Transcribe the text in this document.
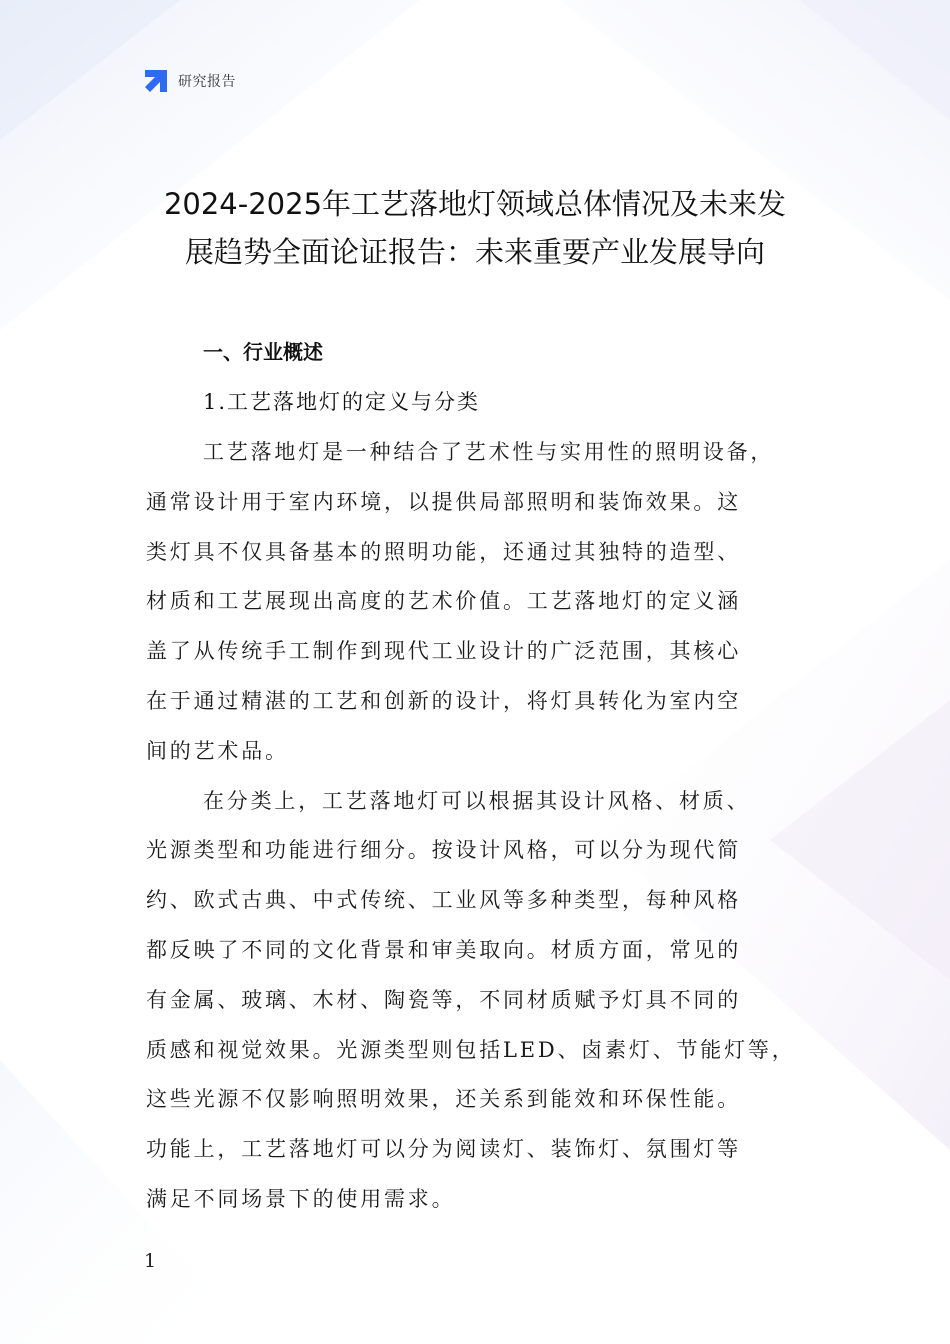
研究报告
2024-2025年工艺落地灯领域总体情况及未来发
展趋势全面论证报告：未来重要产业发展导向
一、行业概述
1.工艺落地灯的定义与分类

工艺落地灯是一种结合了艺术性与实用性的照明设备，
通常设计用于室内环境，以提供局部照明和装饰效果。这
类灯具不仅具备基本的照明功能，还通过其独特的造型、
材质和工艺展现出高度的艺术价值。工艺落地灯的定义涵
盖了从传统手工制作到现代工业设计的广泛范围，其核心
在于通过精湛的工艺和创新的设计，将灯具转化为室内空
间的艺术品。

在分类上，工艺落地灯可以根据其设计风格、材质、
光源类型和功能进行细分。按设计风格，可以分为现代简
约、欧式古典、中式传统、工业风等多种类型，每种风格
都反映了不同的文化背景和审美取向。材质方面，常见的
有金属、玻璃、木材、陶瓷等，不同材质赋予灯具不同的
质感和视觉效果。光源类型则包括LED、卤素灯、节能灯等，
这些光源不仅影响照明效果，还关系到能效和环保性能。
功能上，工艺落地灯可以分为阅读灯、装饰灯、氛围灯等
满足不同场景下的使用需求。

1
